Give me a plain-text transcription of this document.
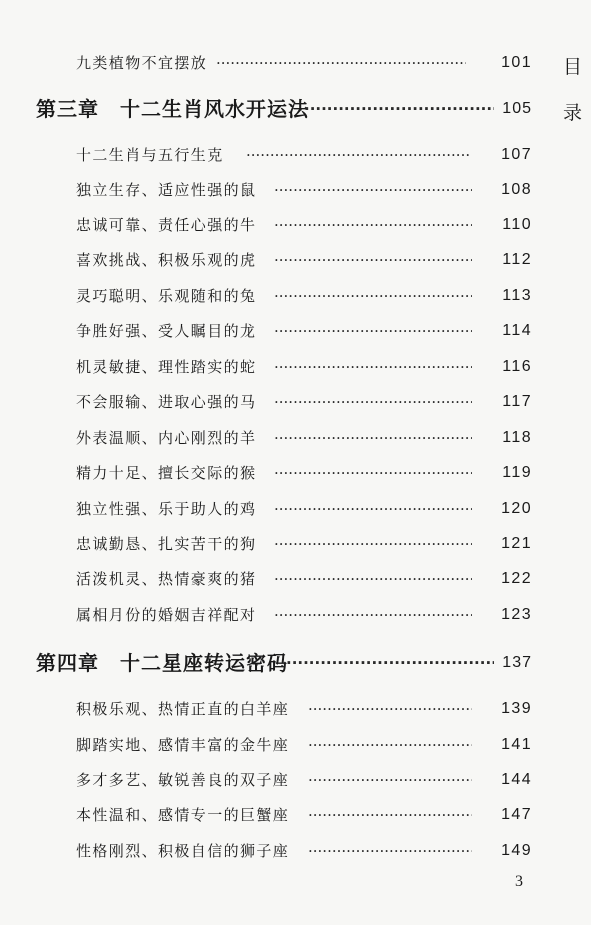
九类植物不宜摆放 ·····	101
第三章　十二生肖风水开运法 ·····	105
十二生肖与五行生克 ·····	107
独立生存、适应性强的鼠 ·····	108
忠诚可靠、责任心强的牛 ·····	110
喜欢挑战、积极乐观的虎 ·····	112
灵巧聪明、乐观随和的兔 ·····	113
争胜好强、受人瞩目的龙 ·····	114
机灵敏捷、理性踏实的蛇 ·····	116
不会服输、进取心强的马 ·····	117
外表温顺、内心刚烈的羊 ·····	118
精力十足、擅长交际的猴 ·····	119
独立性强、乐于助人的鸡 ·····	120
忠诚勤恳、扎实苦干的狗 ·····	121
活泼机灵、热情豪爽的猪 ·····	122
属相月份的婚姻吉祥配对 ·····	123
第四章　十二星座转运密码 ·····	137
积极乐观、热情正直的白羊座 ·····	139
脚踏实地、感情丰富的金牛座 ·····	141
多才多艺、敏锐善良的双子座 ·····	144
本性温和、感情专一的巨蟹座 ·····	147
性格刚烈、积极自信的狮子座 ·····	149
目
录
3
